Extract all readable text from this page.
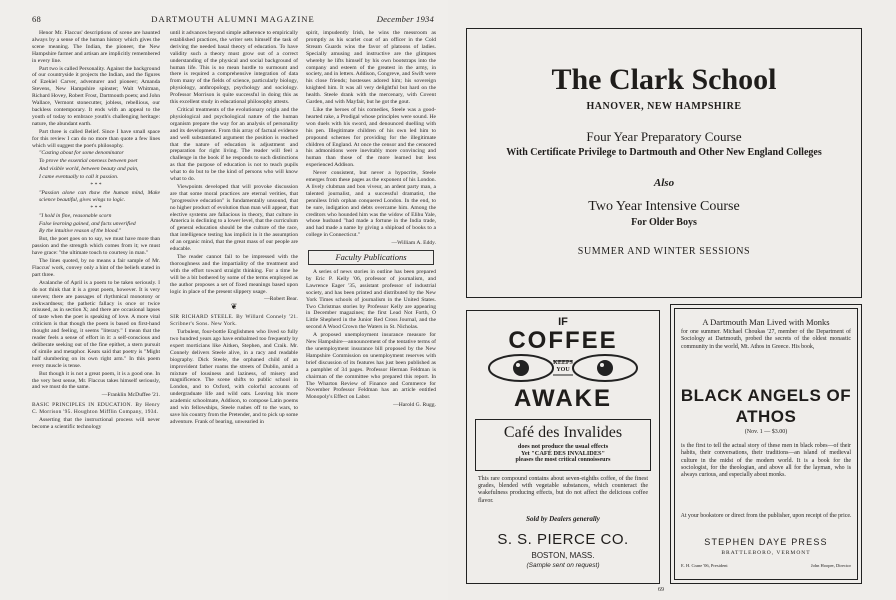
68	DARTMOUTH ALUMNI MAGAZINE	December 1934

Henor Mr. Flaccus' descriptions of scene are haunted always by a sense of the human history which gives the scene meaning. The Indian, the pioneer, the New Hampshire farmer and artisan are implicitly remembered in every line.

Part two is called Personality. Against the background of our countryside it projects the Indian, and the figures of Ezekiel Carver, adventurer and pioneer; Amanda Stevens, New Hampshire spinster; Walt Whitman, Richard Hovey, Robert Frost, Dartmouth poets; and John Wallace, Vermont stonecutter, jobless, rebellious, our backless contemporary. It ends with an appeal to the youth of today to embrace youth's challenging heritage: nature, the abundant earth.

Part three is called Belief. Since I have small space for this review I can do no more than quote a few lines which will suggest the poet's philosophy.

"Casting about for some denominator

To prove the essential oneness between poet

And visible world, between beauty and pain,

I came eventually to call it passion.

* * *

"Passion alone can thaw the human mind, Make science beautiful, gives wings to logic.

* * *

"I hold in fine, reasonable scorn

False learning gained, and facts unverified

By the intuitive reason of the blood."

But, the poet goes on to say, we must have more than passion and the strength which comes from it; we must have grace: "the ultimate touch to courtesy in man."

The lines quoted, by no means a fair sample of Mr. Flaccus' work, convey only a hint of the beliefs stated in part three.

Avalanche of April is a poem to be taken seriously. I do not think that it is a great poem, however. It is very uneven; there are passages of rhythmical monotony or awkwardness; the pathetic fallacy is once or twice misused, as in section X; and there are occasional lapses of taste when the poet is speaking of love. A more vital criticism is that though the poem is based on first-hand thought and feeling, it seems "literary." I mean that the reader feels a sense of effort in it: a self-conscious and deliberate seeking out of the fine epithet, a stern pursuit of simile and metaphor. Keats said that poetry is "Might half slumbering on its own right arm." In this poem every muscle is tense.

But though it is not a great poem, it is a good one. In the very best sense, Mr. Flaccus takes himself seriously, and we must do the same.

—Franklin McDuffee '21.

BASIC PRINCIPLES IN EDUCATION. By Henry C. Morrison '95. Houghton Mifflin Company, 1934.

Asserting that the instructional process will never become a scientific technology

until it advances beyond simple adherence to empirically established practices, the writer sets himself the task of deriving the needed basal theory of education. To have validity such a theory must grow out of a correct understanding of the physical and social background of human life. This is no mean hurdle to surmount and there is required a comprehensive integration of data from many of the fields of science, particularly biology, physiology, anthropology, psychology and sociology. Professor Morrison is quite successful in doing this as this excellent study in educational philosophy attests.

Critical treatments of the evolutionary origin and the physiological and psychological nature of the human organism prepare the way for an analysis of personality and its development. From this array of factual evidence and well substantiated argument the position is reached that the nature of education is adjustment and preparation for right living. The reader will feel a challenge in the book if he responds to such distinctions as that the purpose of education is not to teach pupils what to do but to be the kind of persons who will know what to do.

Viewpoints developed that will provoke discussion are that some moral practices are eternal verities, that "progressive education" is fundamentally unsound, that no higher product of evolution than man will appear, that elective systems are fallacious in theory, that culture in America is declining to a lower level, that the curriculum of general education should be the culture of the race, that intelligence testing has implicit in it the assumption of an organic mind, that the great mass of our people are educable.

The reader cannot fail to be impressed with the thoroughness and the impartiality of the treatment and with the effort toward straight thinking. For a time he will be a bit bothered by some of the terms employed as the author proposes a set of fixed meanings based upon logic in place of the present slippery usage.

—Robert Bear.

❦

SIR RICHARD STEELE. By Willard Connely '21. Scribner's Sons. New York.

Turbulent, four-bottle Englishmen who lived so fully two hundred years ago have embalmed too frequently by expert morticians like Aitken, Stephen, and Craik. Mr. Connely delivers Steele alive, in a racy and readable biography. Dick Steele, the orphaned child of an improvident father roams the streets of Dublin, amid a mixture of lousiness and laziness, of misery and magnificence. The scene shifts to public school in London, and to Oxford, with colorful accounts of undergraduate life and wild oats. Leaving his more academic schoolmate, Addison, to compose Latin poems and win fellowships, Steele rushes off to the wars, to save his country from the Pretender, and to pick up some adventure. Frank of bearing, unwearied in

spirit, impudently Irish, he wins the messroom as promptly as his scarlet coat of an officer in the Cold Stream Guards wins the favor of platoons of ladies. Specially amusing and instructive are the glimpses whereby he lifts himself by his own bootstraps into the company and esteem of the greatest in the army, in society, and in letters. Addison, Congreve, and Swift were his close friends; hostesses adored him; his sovereign knighted him. It was all very delightful but hard on the health. Steele drank with the mercenary, with Covent Garden, and with Mayfair, but he got the gout.

Like the heroes of his comedies, Steele was a good-hearted rake, a Prodigal whose principles were sound. He won duels with his sword, and denounced duelling with his pen. Illegitimate children of his own led him to propound schemes for providing for the illegitimate children of England. At once the censor and the censored his admonitions were inevitably more convincing and human than those of the more learned but less experienced Addison.

Never consistent, but never a hypocrite, Steele emerges from these pages as the exponent of his London. A lively clubman and bon viveur, an ardent party man, a talented journalist, and a successful dramatist, the penniless Irish orphan conquered London. In the end, to be sure, indigation and debts overcame him. Among the creditors who hounded him was the widow of Elihu Yale, whose husband "had made a fortune in the India trade, and had made a name by giving a shipload of books to a college in Connecticut."

—William A. Eddy.

Faculty Publications

A series of news stories in outline has been prepared by Eric P. Kelly '06, professor of journalism, and Lawrence Eager '35, assistant professor of industrial society, and has been printed and distributed by the New York Times schools of journalism in the United States. Two Christmas stories by Professor Kelly are appearing in December magazines; the first Lead Not Forth, O Little Shepherd in the Junior Red Cross Journal, and the second A Wood Crown the Waters in St. Nicholas.

A proposed unemployment insurance measure for New Hampshire—announcement of the tentative terms of the unemployment insurance bill proposed by the New Hampshire Commission on unemployment reserves with brief discussion of its features has just been published as a pamphlet of 34 pages. Professor Herman Feldman is chairman of the committee who prepared this report. In The Wharton Review of Finance and Commerce for November Professor Feldman has an article entitled Monopoly's Effect on Labor.

—Harold G. Rugg.

The Clark School
HANOVER, NEW HAMPSHIRE
Four Year Preparatory Course
With Certificate Privilege to Dartmouth and Other New England Colleges
Also
Two Year Intensive Course
For Older Boys
SUMMER AND WINTER SESSIONS
IF
COFFEE
KEEPS
YOU
AWAKE
Café des Invalides
does not produce the usual effects
Yet "CAFÉ DES INVALIDES"
pleases the most critical connoisseurs
This rare compound contains about seven-eighths coffee, of the finest grades, blended with vegetable substances, which counteract the wakefulness producing effects, but do not affect the delicious coffee flavor.
Sold by Dealers generally
S. S. PIERCE CO.
BOSTON, MASS.
(Sample sent on request)
A Dartmouth Man Lived with Monks
for one summer. Michael Choukas '27, member of the Department of Sociology at Dartmouth, probed the secrets of the oldest monastic community in the world, Mt. Athos in Greece. His book,
BLACK ANGELS OF ATHOS
(Nov. 1 — $3.00)
is the first to tell the actual story of these men in black robes—of their habits, their conversations, their traditions—an island of medieval culture in the midst of the modern world. It is a book for the sociologist, for the theologian, and above all for the layman, who is always curious, and especially about monks.
At your bookstore or direct from the publisher, upon receipt of the price.
STEPHEN DAYE PRESS
BRATTLEBORO, VERMONT
E. H. Crane '06, President	John Hooper, Director
69
